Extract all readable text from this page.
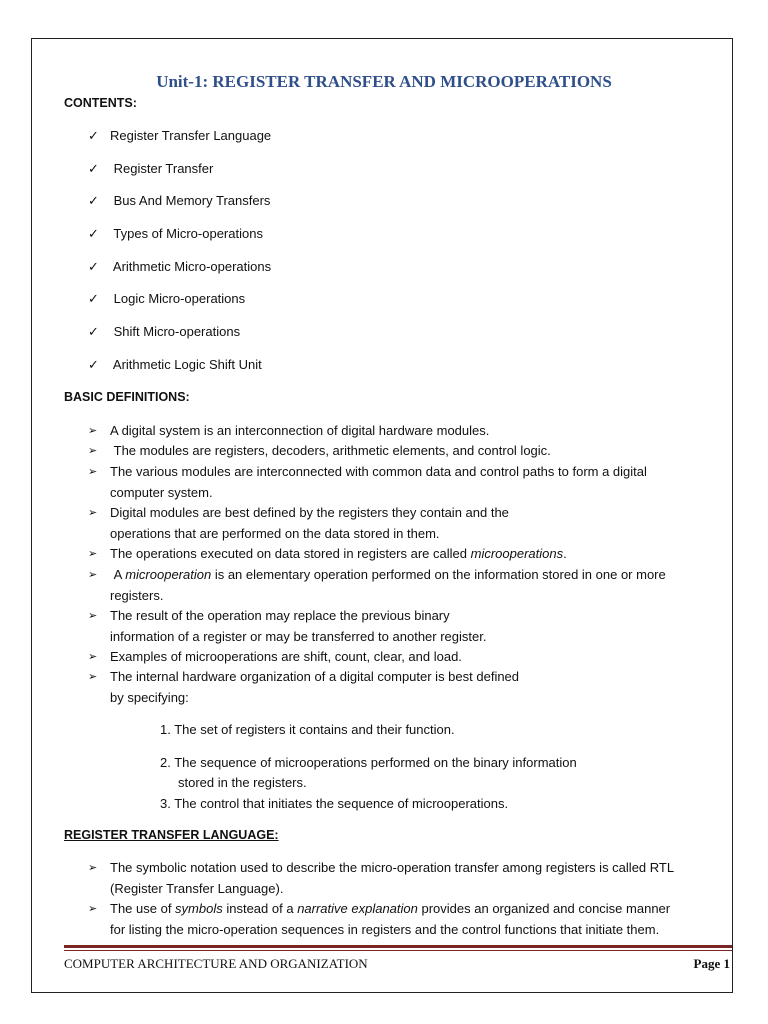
Unit-1: REGISTER TRANSFER AND MICROOPERATIONS
CONTENTS:
✓ Register Transfer Language
✓ Register Transfer
✓ Bus And Memory Transfers
✓ Types of Micro-operations
✓ Arithmetic Micro-operations
✓ Logic Micro-operations
✓ Shift Micro-operations
✓ Arithmetic Logic Shift Unit
BASIC DEFINITIONS:
➢ A digital system is an interconnection of digital hardware modules.
➢ The modules are registers, decoders, arithmetic elements, and control logic.
➢ The various modules are interconnected with common data and control paths to form a digital
computer system.
➢ Digital modules are best defined by the registers they contain and the
operations that are performed on the data stored in them.
➢ The operations executed on data stored in registers are called microoperations.
➢ A microoperation is an elementary operation performed on the information stored in one or more
registers.
➢ The result of the operation may replace the previous binary
information of a register or may be transferred to another register.
➢ Examples of microoperations are shift, count, clear, and load.
➢ The internal hardware organization of a digital computer is best defined
by specifying:
1. The set of registers it contains and their function.
2. The sequence of microoperations performed on the binary information
stored in the registers.
3. The control that initiates the sequence of microoperations.
REGISTER TRANSFER LANGUAGE:
➢ The symbolic notation used to describe the micro-operation transfer among registers is called RTL
(Register Transfer Language).
➢ The use of symbols instead of a narrative explanation provides an organized and concise manner
for listing the micro-operation sequences in registers and the control functions that initiate them.
COMPUTER ARCHITECTURE AND ORGANIZATION	Page 1
